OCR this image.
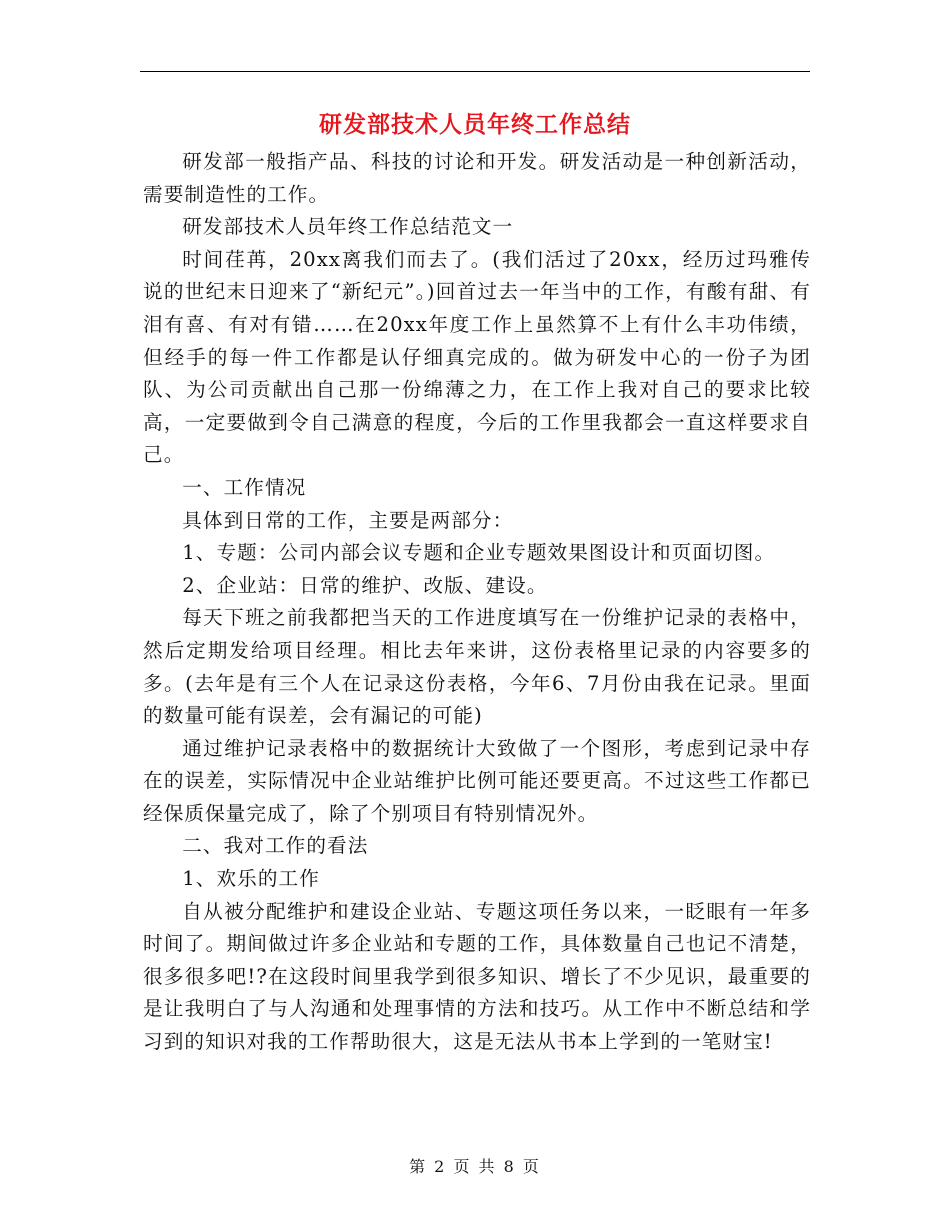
研发部技术人员年终工作总结

研发部一般指产品、科技的讨论和开发。研发活动是一种创新活动，需要制造性的工作。

研发部技术人员年终工作总结范文一

时间荏苒，20xx离我们而去了。(我们活过了20xx，经历过玛雅传说的世纪末日迎来了“新纪元”。)回首过去一年当中的工作，有酸有甜、有泪有喜、有对有错……在20xx年度工作上虽然算不上有什么丰功伟绩，但经手的每一件工作都是认仔细真完成的。做为研发中心的一份子为团队、为公司贡献出自己那一份绵薄之力，在工作上我对自己的要求比较高，一定要做到令自己满意的程度，今后的工作里我都会一直这样要求自己。

一、工作情况

具体到日常的工作，主要是两部分：

1、专题：公司内部会议专题和企业专题效果图设计和页面切图。

2、企业站：日常的维护、改版、建设。

每天下班之前我都把当天的工作进度填写在一份维护记录的表格中，然后定期发给项目经理。相比去年来讲，这份表格里记录的内容要多的多。(去年是有三个人在记录这份表格，今年6、7月份由我在记录。里面的数量可能有误差，会有漏记的可能)

通过维护记录表格中的数据统计大致做了一个图形，考虑到记录中存在的误差，实际情况中企业站维护比例可能还要更高。不过这些工作都已经保质保量完成了，除了个别项目有特别情况外。

二、我对工作的看法

1、欢乐的工作

自从被分配维护和建设企业站、专题这项任务以来，一眨眼有一年多时间了。期间做过许多企业站和专题的工作，具体数量自己也记不清楚，很多很多吧!?在这段时间里我学到很多知识、增长了不少见识，最重要的是让我明白了与人沟通和处理事情的方法和技巧。从工作中不断总结和学习到的知识对我的工作帮助很大，这是无法从书本上学到的一笔财宝!

第 2 页 共 8 页
